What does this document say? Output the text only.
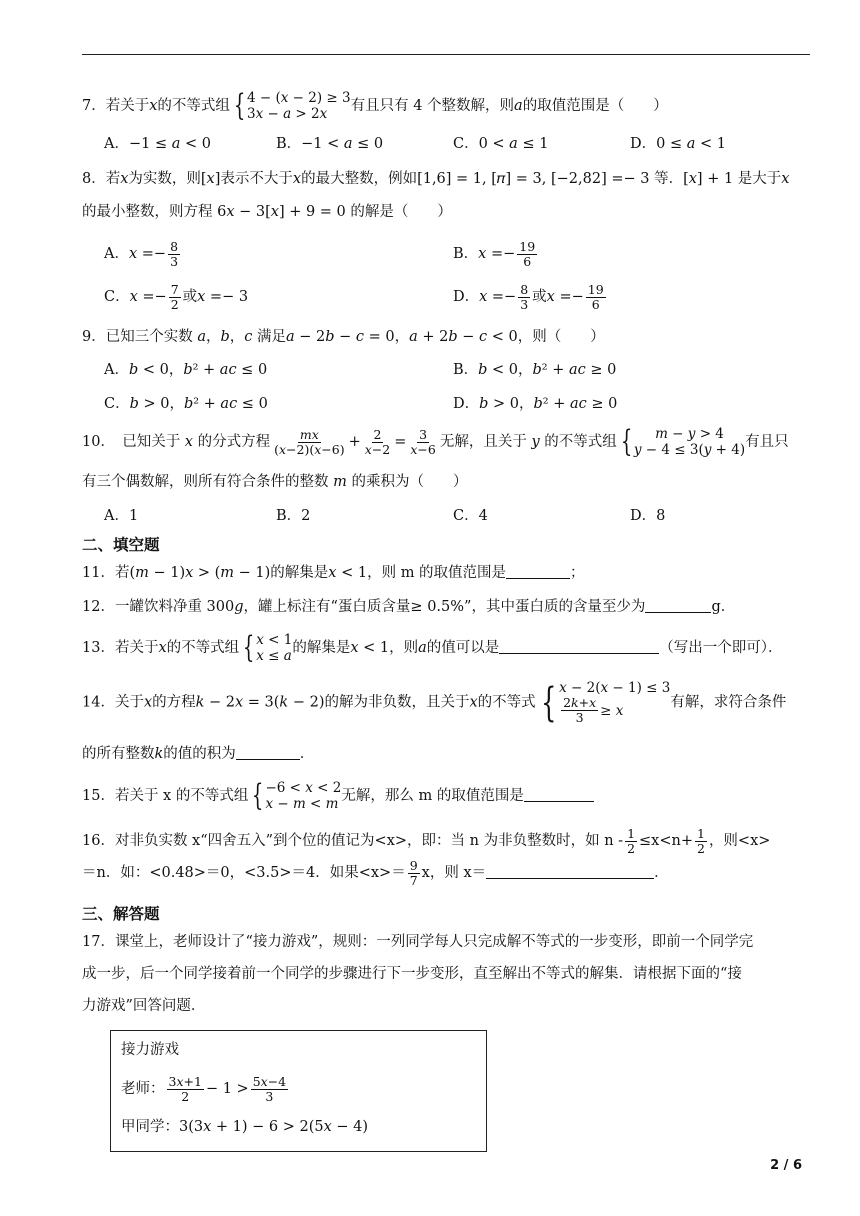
7．若关于𝑥的不等式组 { 4 − (𝑥 − 2) ≥ 3
3𝑥 − 𝑎 > 2𝑥	有且只有 4 个整数解，则𝑎的取值范围是（　　）
A．−1 ≤ 𝑎 < 0	B．−1 < 𝑎 ≤ 0	C．0 < 𝑎 ≤ 1	D．0 ≤ 𝑎 < 1
8．若𝑥为实数，则[𝑥]表示不大于𝑥的最大整数，例如[1,6] = 1, [𝜋] = 3, [−2,82] =− 3 等．[𝑥] + 1 是大于𝑥
的最小整数，则方程 6𝑥 − 3[𝑥] + 9 = 0 的解是（　　）
A．𝑥 =− $\frac{8}{3}$	B．𝑥 =− $\frac{19}{6}$
C．𝑥 =− $\frac{7}{2}$ 或𝑥 =− 3	D．𝑥 =− $\frac{8}{3}$ 或𝑥 =− $\frac{19}{6}$
9．已知三个实数 𝑎，𝑏，𝑐 满足𝑎 − 2𝑏 − 𝑐 = 0，𝑎 + 2𝑏 − 𝑐 < 0，则（　　）
A．𝑏 < 0，𝑏² + 𝑎𝑐 ≤ 0	B．𝑏 < 0，𝑏² + 𝑎𝑐 ≥ 0
C．𝑏 > 0，𝑏² + 𝑎𝑐 ≤ 0	D．𝑏 > 0，𝑏² + 𝑎𝑐 ≥ 0
10．　已知关于 𝑥 的分式方程 $\frac{\text{𝑚𝑥}}{\text{(𝑥−2)(𝑥−6)}} + \frac{2}{\text{𝑥−2}} = \frac{3}{\text{𝑥−6}}$ 无解，且关于 𝑦 的不等式组 { 𝑚 − 𝑦 > 4
𝑦 − 4 ≤ 3(𝑦 + 4) 有且只
有三个偶数解，则所有符合条件的整数 𝑚 的乘积为（　　）
A．1	B．2	C．4	D．8
二、填空题
11．若(𝑚 − 1)𝑥 > (𝑚 − 1)的解集是𝑥 < 1，则 m 的取值范围是	；
12．一罐饮料净重 300𝑔，罐上标注有“蛋白质含量≥ 0.5%”，其中蛋白质的含量至少为	g．
13．若关于𝑥的不等式组 { 𝑥 < 1
𝑥 ≤ 𝑎 的解集是𝑥 < 1，则𝑎的值可以是	（写出一个即可）．
14．关于𝑥的方程𝑘 − 2𝑥 = 3(𝑘 − 2)的解为非负数，且关于𝑥的不等式 { 𝑥 − 2(𝑥 − 1) ≤ 3
$\frac{\text{2𝑘+𝑥}}{3}$ ≥ 𝑥	有解，求符合条件
的所有整数𝑘的值的积为	．
15．若关于 x 的不等式组 { −6 < 𝑥 < 2
𝑥 − 𝑚 < 𝑚 无解，那么 m 的取值范围是
16．对非负实数 x“四舍五入”到个位的值记为<x>，即：当 n 为非负整数时，如 $n - \frac{1}{2} \le x<n+ \frac{1}{2}$ ，则<x>
＝n．如：<0.48>＝0，<3.5>＝4．如果$<x>= \frac{9}{7}$ x，则 x＝	．
三、解答题
17．课堂上，老师设计了“接力游戏”，规则：一列同学每人只完成解不等式的一步变形，即前一个同学完
成一步，后一个同学接着前一个同学的步骤进行下一步变形，直至解出不等式的解集．请根据下面的“接
力游戏”回答问题．
接力游戏
老师： $\frac{\text{3𝑥+1}}{2} - 1 > \frac{\text{5𝑥−4}}{3}$
甲同学：3(3𝑥 + 1) − 6 > 2(5𝑥 − 4)
2 / 6
